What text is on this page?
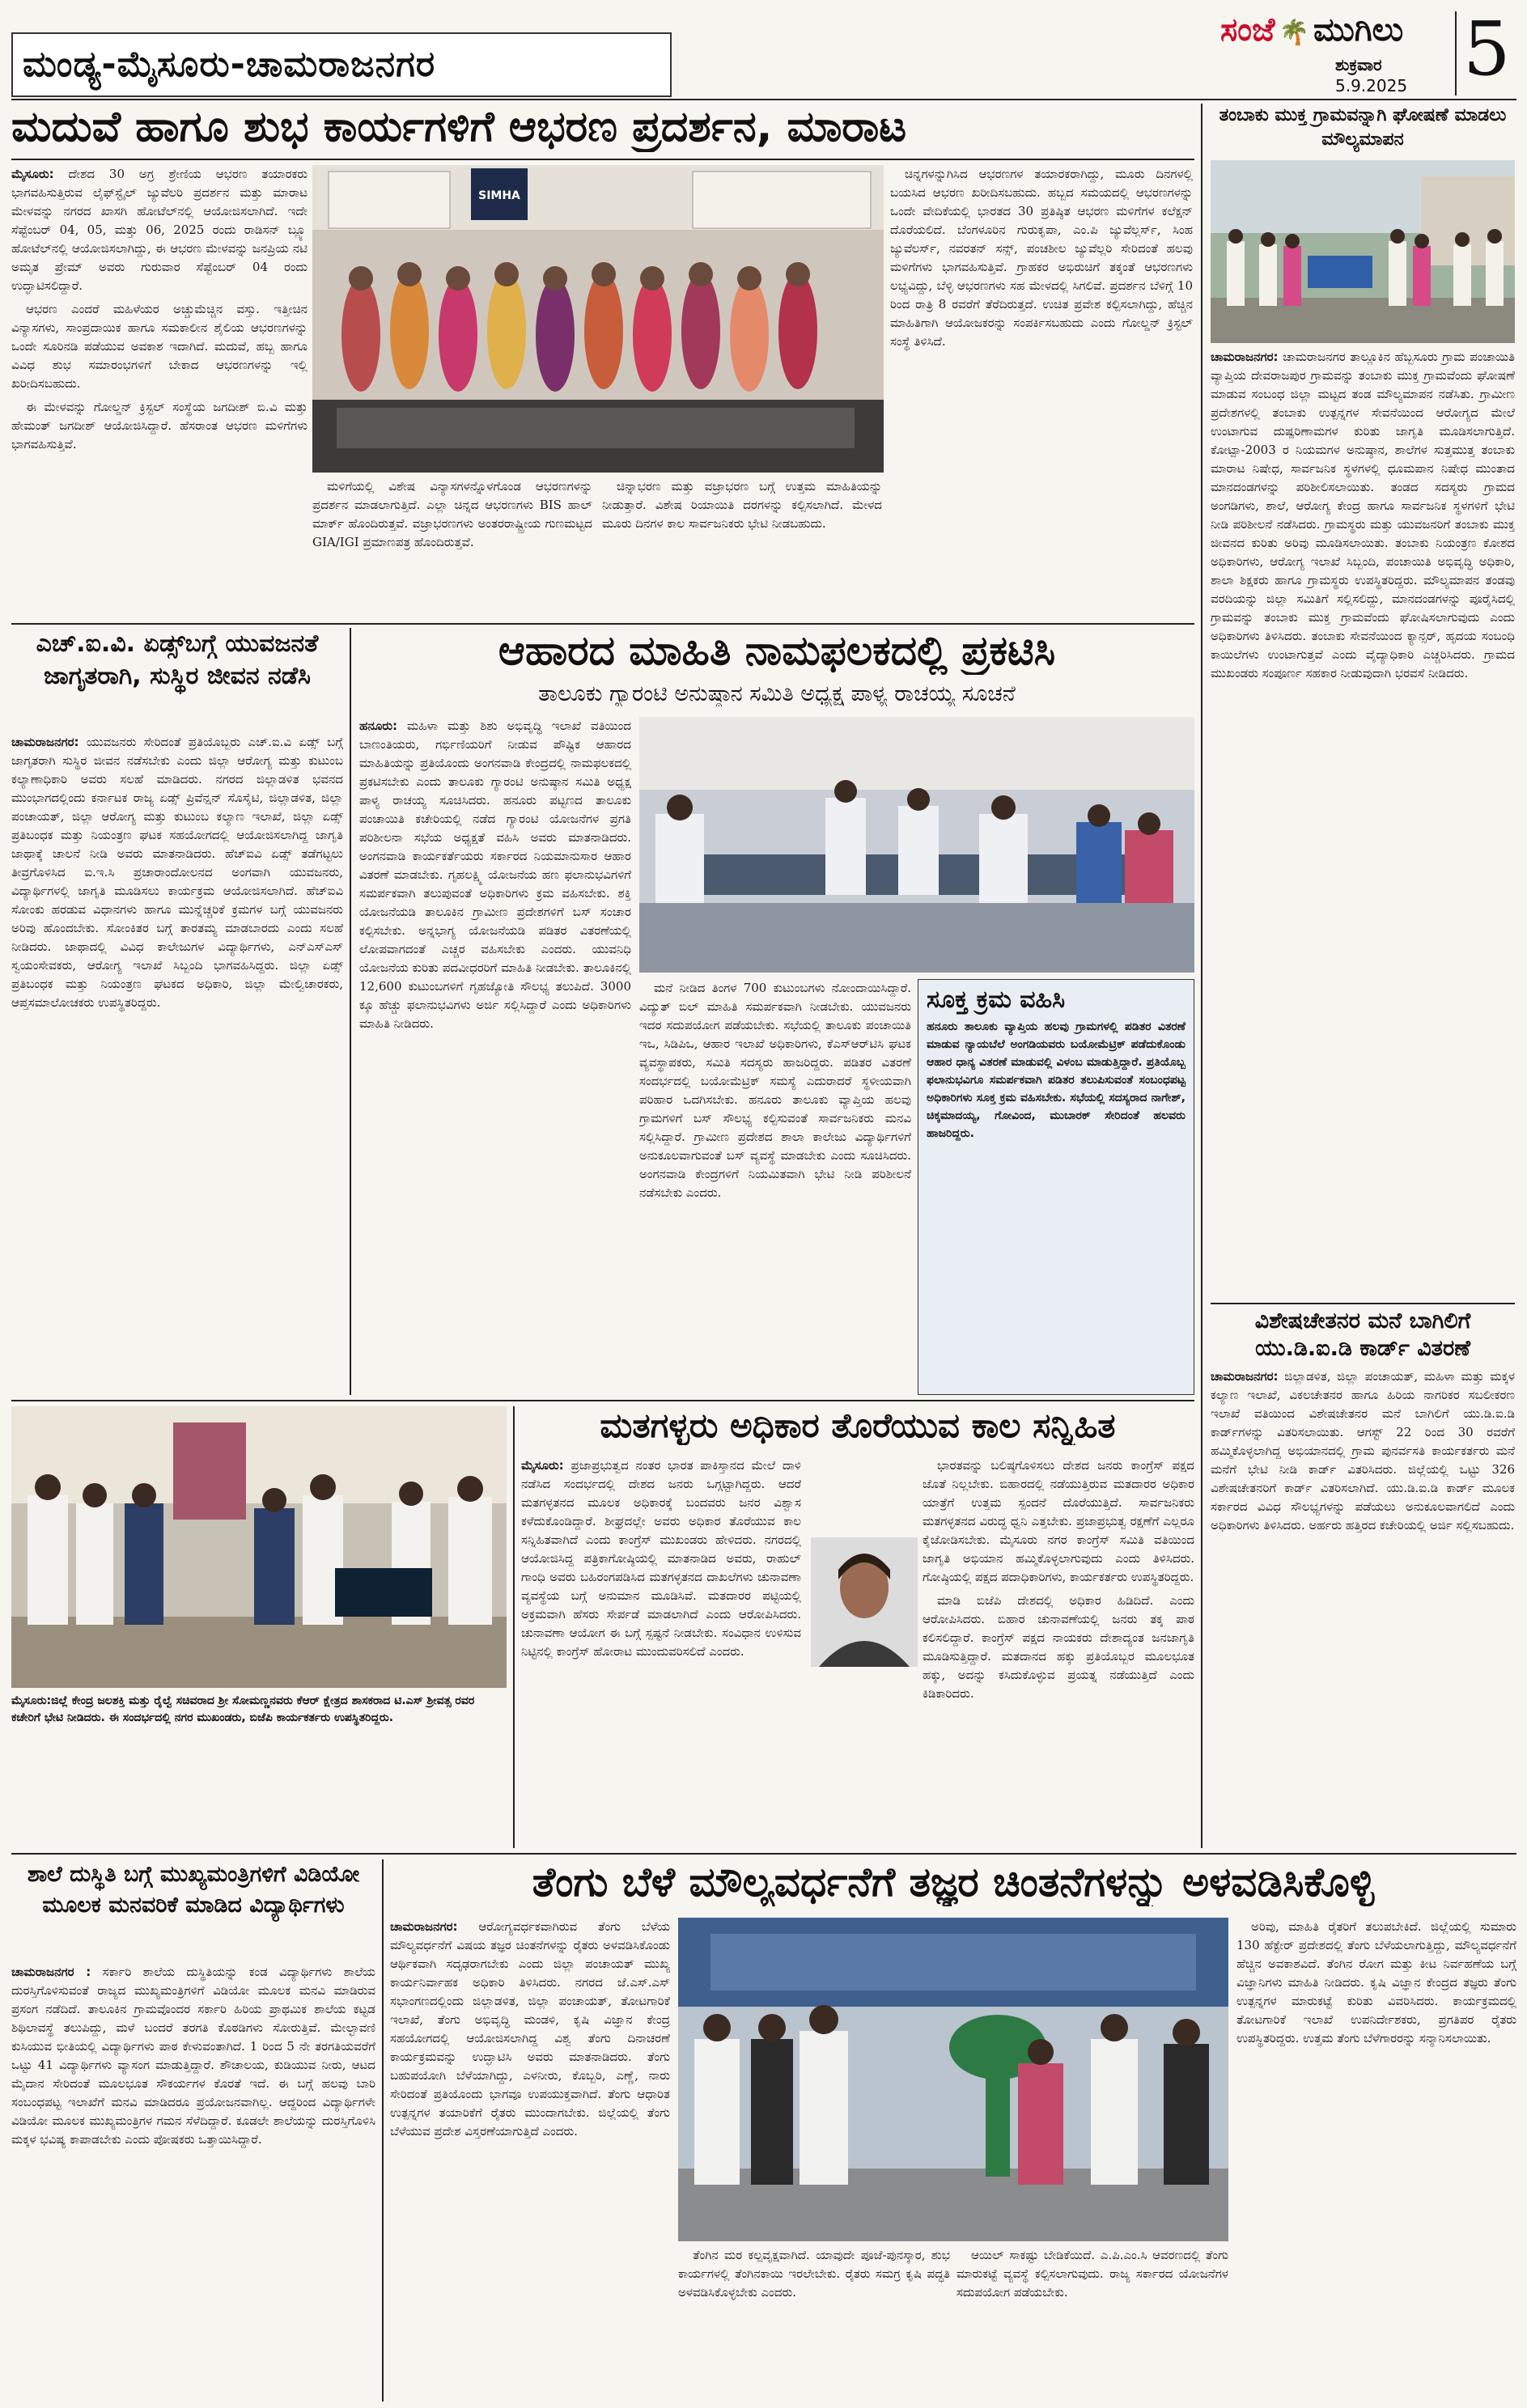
ಮಂಡ್ಯ-ಮೈಸೂರು-ಚಾಮರಾಜನಗರ
ಸಂಜೆ 🌴 ಮುಗಿಲು
ಶುಕ್ರವಾರ
5.9.2025 5
ಮದುವೆ ಹಾಗೂ ಶುಭ ಕಾರ್ಯಗಳಿಗೆ ಆಭರಣ ಪ್ರದರ್ಶನ, ಮಾರಾಟ

ಮೈಸೂರು: ದೇಶದ 30 ಅಗ್ರ ಶ್ರೇಣಿಯ ಆಭರಣ ತಯಾರಕರು ಭಾಗವಹಿಸುತ್ತಿರುವ ಲೈಫ್‌ಸ್ಟೈಲ್ ಜ್ಯುವೆಲರಿ ಪ್ರದರ್ಶನ ಮತ್ತು ಮಾರಾಟ ಮೇಳವನ್ನು ನಗರದ ಖಾಸಗಿ ಹೋಟೆಲ್‌ನಲ್ಲಿ ಆಯೋಜಿಸಲಾಗಿದೆ. ಇದೇ ಸೆಪ್ಟೆಂಬರ್ 04, 05, ಮತ್ತು 06, 2025 ರಂದು ರಾಡಿಸನ್ ಬ್ಲ್ಯೂ ಹೋಟೆಲ್‌ನಲ್ಲಿ ಆಯೋಜಿಸಲಾಗಿದ್ದು, ಈ ಆಭರಣ ಮೇಳವನ್ನು ಜನಪ್ರಿಯ ನಟಿ ಅಮೃತ ಪ್ರೇಮ್ ಅವರು ಗುರುವಾರ ಸೆಪ್ಟೆಂಬರ್ 04 ರಂದು ಉದ್ಘಾಟಿಸಲಿದ್ದಾರೆ.

ಆಭರಣ ಎಂದರೆ ಮಹಿಳೆಯರ ಅಚ್ಚುಮೆಚ್ಚಿನ ವಸ್ತು. ಇತ್ತೀಚಿನ ವಿನ್ಯಾಸಗಳು, ಸಾಂಪ್ರದಾಯಿಕ ಹಾಗೂ ಸಮಕಾಲೀನ ಶೈಲಿಯ ಆಭರಣಗಳನ್ನು ಒಂದೇ ಸೂರಿನಡಿ ಪಡೆಯುವ ಅವಕಾಶ ಇದಾಗಿದೆ. ಮದುವೆ, ಹಬ್ಬ ಹಾಗೂ ವಿವಿಧ ಶುಭ ಸಮಾರಂಭಗಳಿಗೆ ಬೇಕಾದ ಆಭರಣಗಳನ್ನು ಇಲ್ಲಿ ಖರೀದಿಸಬಹುದು.

ಈ ಮೇಳವನ್ನು ಗೋಲ್ಡನ್ ಕ್ರಿಸ್ಟಲ್ ಸಂಸ್ಥೆಯ ಜಗದೀಶ್ ಬಿ.ವಿ ಮತ್ತು ಹೇಮಂತ್ ಜಗದೀಶ್ ಆಯೋಜಿಸಿದ್ದಾರೆ. ಹೆಸರಾಂತ ಆಭರಣ ಮಳಿಗೆಗಳು ಭಾಗವಹಿಸುತ್ತಿವೆ.

SIMHA

ಮಳಿಗೆಯಲ್ಲಿ ವಿಶೇಷ ವಿನ್ಯಾಸಗಳನ್ನೊಳಗೊಂಡ ಆಭರಣಗಳನ್ನು ಪ್ರದರ್ಶನ ಮಾಡಲಾಗುತ್ತಿದೆ. ಎಲ್ಲಾ ಚಿನ್ನದ ಆಭರಣಗಳು BIS ಹಾಲ್ ಮಾರ್ಕ್ ಹೊಂದಿರುತ್ತವೆ. ವಜ್ರಾಭರಣಗಳು ಅಂತರರಾಷ್ಟ್ರೀಯ ಗುಣಮಟ್ಟದ GIA/IGI ಪ್ರಮಾಣಪತ್ರ ಹೊಂದಿರುತ್ತವೆ.

ಚಿನ್ನಾಭರಣ ಮತ್ತು ವಜ್ರಾಭರಣ ಬಗ್ಗೆ ಉತ್ತಮ ಮಾಹಿತಿಯನ್ನು ನೀಡುತ್ತಾರೆ. ವಿಶೇಷ ರಿಯಾಯಿತಿ ದರಗಳನ್ನು ಕಲ್ಪಿಸಲಾಗಿದೆ. ಮೇಳದ ಮೂರು ದಿನಗಳ ಕಾಲ ಸಾರ್ವಜನಿಕರು ಭೇಟಿ ನೀಡಬಹುದು.

ಚಿನ್ನಗಳನ್ನುಗಿಸಿದ ಆಭರಣಗಳ ತಯಾರಕರಾಗಿದ್ದು, ಮೂರು ದಿನಗಳಲ್ಲಿ ಬಯಸಿದ ಆಭರಣ ಖರೀದಿಸಬಹುದು. ಹಬ್ಬದ ಸಮಯದಲ್ಲಿ ಆಭರಣಗಳನ್ನು ಒಂದೇ ವೇದಿಕೆಯಲ್ಲಿ ಭಾರತದ 30 ಪ್ರತಿಷ್ಠಿತ ಆಭರಣ ಮಳಿಗೆಗಳ ಕಲೆಕ್ಷನ್ ದೊರೆಯಲಿದೆ. ಬೆಂಗಳೂರಿನ ಗುರುಕೃಪಾ, ಎಂ.ಪಿ ಜ್ಯುವೆಲ್ಲರ್ಸ್, ಸಿಂಹ ಜ್ಯುವೆಲರ್ಸ್, ನವರತನ್ ಸನ್ಸ್, ಪಂಚಶೀಲ ಜ್ಯುವೆಲ್ಲರಿ ಸೇರಿದಂತೆ ಹಲವು ಮಳಿಗೆಗಳು ಭಾಗವಹಿಸುತ್ತಿವೆ. ಗ್ರಾಹಕರ ಅಭಿರುಚಿಗೆ ತಕ್ಕಂತೆ ಆಭರಣಗಳು ಲಭ್ಯವಿದ್ದು, ಬೆಳ್ಳಿ ಆಭರಣಗಳು ಸಹ ಮೇಳದಲ್ಲಿ ಸಿಗಲಿವೆ. ಪ್ರದರ್ಶನ ಬೆಳಿಗ್ಗೆ 10 ರಿಂದ ರಾತ್ರಿ 8 ರವರೆಗೆ ತೆರೆದಿರುತ್ತದೆ. ಉಚಿತ ಪ್ರವೇಶ ಕಲ್ಪಿಸಲಾಗಿದ್ದು, ಹೆಚ್ಚಿನ ಮಾಹಿತಿಗಾಗಿ ಆಯೋಜಕರನ್ನು ಸಂಪರ್ಕಿಸಬಹುದು ಎಂದು ಗೋಲ್ಡನ್ ಕ್ರಿಸ್ಟಲ್ ಸಂಸ್ಥೆ ತಿಳಿಸಿದೆ.

ತಂಬಾಕು ಮುಕ್ತ ಗ್ರಾಮವನ್ನಾಗಿ ಘೋಷಣೆ ಮಾಡಲು ಮೌಲ್ಯಮಾಪನ

ಚಾಮರಾಜನಗರ: ಚಾಮರಾಜನಗರ ತಾಲ್ಲೂಕಿನ ಹೆಬ್ಬಸೂರು ಗ್ರಾಮ ಪಂಚಾಯಿತಿ ವ್ಯಾಪ್ತಿಯ ದೇವರಾಜಪುರ ಗ್ರಾಮವನ್ನು ತಂಬಾಕು ಮುಕ್ತ ಗ್ರಾಮವೆಂದು ಘೋಷಣೆ ಮಾಡುವ ಸಂಬಂಧ ಜಿಲ್ಲಾ ಮಟ್ಟದ ತಂಡ ಮೌಲ್ಯಮಾಪನ ನಡೆಸಿತು. ಗ್ರಾಮೀಣ ಪ್ರದೇಶಗಳಲ್ಲಿ ತಂಬಾಕು ಉತ್ಪನ್ನಗಳ ಸೇವನೆಯಿಂದ ಆರೋಗ್ಯದ ಮೇಲೆ ಉಂಟಾಗುವ ದುಷ್ಪರಿಣಾಮಗಳ ಕುರಿತು ಜಾಗೃತಿ ಮೂಡಿಸಲಾಗುತ್ತಿದೆ. ಕೋಟ್ಪಾ-2003 ರ ನಿಯಮಗಳ ಅನುಷ್ಠಾನ, ಶಾಲೆಗಳ ಸುತ್ತಮುತ್ತ ತಂಬಾಕು ಮಾರಾಟ ನಿಷೇಧ, ಸಾರ್ವಜನಿಕ ಸ್ಥಳಗಳಲ್ಲಿ ಧೂಮಪಾನ ನಿಷೇಧ ಮುಂತಾದ ಮಾನದಂಡಗಳನ್ನು ಪರಿಶೀಲಿಸಲಾಯಿತು. ತಂಡದ ಸದಸ್ಯರು ಗ್ರಾಮದ ಅಂಗಡಿಗಳು, ಶಾಲೆ, ಆರೋಗ್ಯ ಕೇಂದ್ರ ಹಾಗೂ ಸಾರ್ವಜನಿಕ ಸ್ಥಳಗಳಿಗೆ ಭೇಟಿ ನೀಡಿ ಪರಿಶೀಲನೆ ನಡೆಸಿದರು. ಗ್ರಾಮಸ್ಥರು ಮತ್ತು ಯುವಜನರಿಗೆ ತಂಬಾಕು ಮುಕ್ತ ಜೀವನದ ಕುರಿತು ಅರಿವು ಮೂಡಿಸಲಾಯಿತು. ತಂಬಾಕು ನಿಯಂತ್ರಣ ಕೋಶದ ಅಧಿಕಾರಿಗಳು, ಆರೋಗ್ಯ ಇಲಾಖೆ ಸಿಬ್ಬಂದಿ, ಪಂಚಾಯಿತಿ ಅಭಿವೃದ್ಧಿ ಅಧಿಕಾರಿ, ಶಾಲಾ ಶಿಕ್ಷಕರು ಹಾಗೂ ಗ್ರಾಮಸ್ಥರು ಉಪಸ್ಥಿತರಿದ್ದರು. ಮೌಲ್ಯಮಾಪನ ತಂಡವು ವರದಿಯನ್ನು ಜಿಲ್ಲಾ ಸಮಿತಿಗೆ ಸಲ್ಲಿಸಲಿದ್ದು, ಮಾನದಂಡಗಳನ್ನು ಪೂರೈಸಿದಲ್ಲಿ ಗ್ರಾಮವನ್ನು ತಂಬಾಕು ಮುಕ್ತ ಗ್ರಾಮವೆಂದು ಘೋಷಿಸಲಾಗುವುದು ಎಂದು ಅಧಿಕಾರಿಗಳು ತಿಳಿಸಿದರು. ತಂಬಾಕು ಸೇವನೆಯಿಂದ ಕ್ಯಾನ್ಸರ್, ಹೃದಯ ಸಂಬಂಧಿ ಕಾಯಿಲೆಗಳು ಉಂಟಾಗುತ್ತವೆ ಎಂದು ವೈದ್ಯಾಧಿಕಾರಿ ಎಚ್ಚರಿಸಿದರು. ಗ್ರಾಮದ ಮುಖಂಡರು ಸಂಪೂರ್ಣ ಸಹಕಾರ ನೀಡುವುದಾಗಿ ಭರವಸೆ ನೀಡಿದರು.

ವಿಶೇಷಚೇತನರ ಮನೆ ಬಾಗಿಲಿಗೆ ಯು.ಡಿ.ಐ.ಡಿ ಕಾರ್ಡ್ ವಿತರಣೆ

ಚಾಮರಾಜನಗರ: ಜಿಲ್ಲಾಡಳಿತ, ಜಿಲ್ಲಾ ಪಂಚಾಯತ್, ಮಹಿಳಾ ಮತ್ತು ಮಕ್ಕಳ ಕಲ್ಯಾಣ ಇಲಾಖೆ, ವಿಕಲಚೇತನರ ಹಾಗೂ ಹಿರಿಯ ನಾಗರಿಕರ ಸಬಲೀಕರಣ ಇಲಾಖೆ ವತಿಯಿಂದ ವಿಶೇಷಚೇತನರ ಮನೆ ಬಾಗಿಲಿಗೆ ಯು.ಡಿ.ಐ.ಡಿ ಕಾರ್ಡ್‌ಗಳನ್ನು ವಿತರಿಸಲಾಯಿತು. ಆಗಸ್ಟ್ 22 ರಿಂದ 30 ರವರೆಗೆ ಹಮ್ಮಿಕೊಳ್ಳಲಾಗಿದ್ದ ಅಭಿಯಾನದಲ್ಲಿ ಗ್ರಾಮ ಪುನರ್ವಸತಿ ಕಾರ್ಯಕರ್ತರು ಮನೆ ಮನೆಗೆ ಭೇಟಿ ನೀಡಿ ಕಾರ್ಡ್ ವಿತರಿಸಿದರು. ಜಿಲ್ಲೆಯಲ್ಲಿ ಒಟ್ಟು 326 ವಿಶೇಷಚೇತನರಿಗೆ ಕಾರ್ಡ್ ವಿತರಿಸಲಾಗಿದೆ. ಯು.ಡಿ.ಐ.ಡಿ ಕಾರ್ಡ್ ಮೂಲಕ ಸರ್ಕಾರದ ವಿವಿಧ ಸೌಲಭ್ಯಗಳನ್ನು ಪಡೆಯಲು ಅನುಕೂಲವಾಗಲಿದೆ ಎಂದು ಅಧಿಕಾರಿಗಳು ತಿಳಿಸಿದರು. ಅರ್ಹರು ಹತ್ತಿರದ ಕಚೇರಿಯಲ್ಲಿ ಅರ್ಜಿ ಸಲ್ಲಿಸಬಹುದು.

ಎಚ್.ಐ.ವಿ. ಏಡ್ಸ್‌ಬಗ್ಗೆ ಯುವಜನತೆ ಜಾಗೃತರಾಗಿ, ಸುಸ್ಥಿರ ಜೀವನ ನಡೆಸಿ

ಚಾಮರಾಜನಗರ: ಯುವಜನರು ಸೇರಿದಂತೆ ಪ್ರತಿಯೊಬ್ಬರು ಎಚ್.ಐ.ವಿ ಏಡ್ಸ್ ಬಗ್ಗೆ ಜಾಗೃತರಾಗಿ ಸುಸ್ಥಿರ ಜೀವನ ನಡೆಸಬೇಕು ಎಂದು ಜಿಲ್ಲಾ ಆರೋಗ್ಯ ಮತ್ತು ಕುಟುಂಬ ಕಲ್ಯಾಣಾಧಿಕಾರಿ ಅವರು ಸಲಹೆ ಮಾಡಿದರು. ನಗರದ ಜಿಲ್ಲಾಡಳಿತ ಭವನದ ಮುಂಭಾಗದಲ್ಲಿಂದು ಕರ್ನಾಟಕ ರಾಜ್ಯ ಏಡ್ಸ್ ಪ್ರಿವೆನ್ಷನ್ ಸೊಸೈಟಿ, ಜಿಲ್ಲಾಡಳಿತ, ಜಿಲ್ಲಾ ಪಂಚಾಯತ್, ಜಿಲ್ಲಾ ಆರೋಗ್ಯ ಮತ್ತು ಕುಟುಂಬ ಕಲ್ಯಾಣ ಇಲಾಖೆ, ಜಿಲ್ಲಾ ಏಡ್ಸ್ ಪ್ರತಿಬಂಧಕ ಮತ್ತು ನಿಯಂತ್ರಣ ಘಟಕ ಸಹಯೋಗದಲ್ಲಿ ಆಯೋಜಿಸಲಾಗಿದ್ದ ಜಾಗೃತಿ ಜಾಥಾಕ್ಕೆ ಚಾಲನೆ ನೀಡಿ ಅವರು ಮಾತನಾಡಿದರು. ಹೆಚ್‌ಐವಿ ಏಡ್ಸ್ ತಡೆಗಟ್ಟಲು ತೀವ್ರಗೊಳಿಸಿದ ಐ.ಇ.ಸಿ ಪ್ರಚಾರಾಂದೋಲನದ ಅಂಗವಾಗಿ ಯುವಜನರು, ವಿದ್ಯಾರ್ಥಿಗಳಲ್ಲಿ ಜಾಗೃತಿ ಮೂಡಿಸಲು ಕಾರ್ಯಕ್ರಮ ಆಯೋಜಿಸಲಾಗಿದೆ. ಹೆಚ್‌ಐವಿ ಸೋಂಕು ಹರಡುವ ವಿಧಾನಗಳು ಹಾಗೂ ಮುನ್ನೆಚ್ಚರಿಕೆ ಕ್ರಮಗಳ ಬಗ್ಗೆ ಯುವಜನರು ಅರಿವು ಹೊಂದಬೇಕು. ಸೋಂಕಿತರ ಬಗ್ಗೆ ತಾರತಮ್ಯ ಮಾಡಬಾರದು ಎಂದು ಸಲಹೆ ನೀಡಿದರು. ಜಾಥಾದಲ್ಲಿ ವಿವಿಧ ಕಾಲೇಜುಗಳ ವಿದ್ಯಾರ್ಥಿಗಳು, ಎನ್‌ಎಸ್‌ಎಸ್ ಸ್ವಯಂಸೇವಕರು, ಆರೋಗ್ಯ ಇಲಾಖೆ ಸಿಬ್ಬಂದಿ ಭಾಗವಹಿಸಿದ್ದರು. ಜಿಲ್ಲಾ ಏಡ್ಸ್ ಪ್ರತಿಬಂಧಕ ಮತ್ತು ನಿಯಂತ್ರಣ ಘಟಕದ ಅಧಿಕಾರಿ, ಜಿಲ್ಲಾ ಮೇಲ್ವಿಚಾರಕರು, ಆಪ್ತಸಮಾಲೋಚಕರು ಉಪಸ್ಥಿತರಿದ್ದರು.

ಆಹಾರದ ಮಾಹಿತಿ ನಾಮಫಲಕದಲ್ಲಿ ಪ್ರಕಟಿಸಿ
ತಾಲೂಕು ಗ್ಯಾರಂಟಿ ಅನುಷ್ಠಾನ ಸಮಿತಿ ಅಧ್ಯಕ್ಷ ಪಾಳ್ಯ ರಾಚಯ್ಯ ಸೂಚನೆ

ಹನೂರು: ಮಹಿಳಾ ಮತ್ತು ಶಿಶು ಅಭಿವೃದ್ಧಿ ಇಲಾಖೆ ವತಿಯಿಂದ ಬಾಣಂತಿಯರು, ಗರ್ಭಿಣಿಯರಿಗೆ ನೀಡುವ ಪೌಷ್ಟಿಕ ಆಹಾರದ ಮಾಹಿತಿಯನ್ನು ಪ್ರತಿಯೊಂದು ಅಂಗನವಾಡಿ ಕೇಂದ್ರದಲ್ಲಿ ನಾಮಫಲಕದಲ್ಲಿ ಪ್ರಕಟಿಸಬೇಕು ಎಂದು ತಾಲೂಕು ಗ್ಯಾರಂಟಿ ಅನುಷ್ಠಾನ ಸಮಿತಿ ಅಧ್ಯಕ್ಷ ಪಾಳ್ಯ ರಾಚಯ್ಯ ಸೂಚಿಸಿದರು. ಹನೂರು ಪಟ್ಟಣದ ತಾಲೂಕು ಪಂಚಾಯಿತಿ ಕಚೇರಿಯಲ್ಲಿ ನಡೆದ ಗ್ಯಾರಂಟಿ ಯೋಜನೆಗಳ ಪ್ರಗತಿ ಪರಿಶೀಲನಾ ಸಭೆಯ ಅಧ್ಯಕ್ಷತೆ ವಹಿಸಿ ಅವರು ಮಾತನಾಡಿದರು. ಅಂಗನವಾಡಿ ಕಾರ್ಯಕರ್ತೆಯರು ಸರ್ಕಾರದ ನಿಯಮಾನುಸಾರ ಆಹಾರ ವಿತರಣೆ ಮಾಡಬೇಕು. ಗೃಹಲಕ್ಷ್ಮಿ ಯೋಜನೆಯ ಹಣ ಫಲಾನುಭವಿಗಳಿಗೆ ಸಮರ್ಪಕವಾಗಿ ತಲುಪುವಂತೆ ಅಧಿಕಾರಿಗಳು ಕ್ರಮ ವಹಿಸಬೇಕು. ಶಕ್ತಿ ಯೋಜನೆಯಡಿ ತಾಲೂಕಿನ ಗ್ರಾಮೀಣ ಪ್ರದೇಶಗಳಿಗೆ ಬಸ್ ಸಂಚಾರ ಕಲ್ಪಿಸಬೇಕು. ಅನ್ನಭಾಗ್ಯ ಯೋಜನೆಯಡಿ ಪಡಿತರ ವಿತರಣೆಯಲ್ಲಿ ಲೋಪವಾಗದಂತೆ ಎಚ್ಚರ ವಹಿಸಬೇಕು ಎಂದರು. ಯುವನಿಧಿ ಯೋಜನೆಯ ಕುರಿತು ಪದವೀಧರರಿಗೆ ಮಾಹಿತಿ ನೀಡಬೇಕು. ತಾಲೂಕಿನಲ್ಲಿ 12,600 ಕುಟುಂಬಗಳಿಗೆ ಗೃಹಜ್ಯೋತಿ ಸೌಲಭ್ಯ ತಲುಪಿದೆ. 3000 ಕ್ಕೂ ಹೆಚ್ಚು ಫಲಾನುಭವಿಗಳು ಅರ್ಜಿ ಸಲ್ಲಿಸಿದ್ದಾರೆ ಎಂದು ಅಧಿಕಾರಿಗಳು ಮಾಹಿತಿ ನೀಡಿದರು.

ಮನೆ ನೀಡಿದ ತಿಂಗಳ 700 ಕುಟುಂಬಗಳು ನೋಂದಾಯಿಸಿದ್ದಾರೆ. ವಿದ್ಯುತ್ ಬಿಲ್ ಮಾಹಿತಿ ಸಮರ್ಪಕವಾಗಿ ನೀಡಬೇಕು. ಯುವಜನರು ಇದರ ಸದುಪಯೋಗ ಪಡೆಯಬೇಕು. ಸಭೆಯಲ್ಲಿ ತಾಲೂಕು ಪಂಚಾಯಿತಿ ಇಒ, ಸಿಡಿಪಿಒ, ಆಹಾರ ಇಲಾಖೆ ಅಧಿಕಾರಿಗಳು, ಕೆಎಸ್‌ಆರ್‌ಟಿಸಿ ಘಟಕ ವ್ಯವಸ್ಥಾಪಕರು, ಸಮಿತಿ ಸದಸ್ಯರು ಹಾಜರಿದ್ದರು. ಪಡಿತರ ವಿತರಣೆ ಸಂದರ್ಭದಲ್ಲಿ ಬಯೋಮೆಟ್ರಿಕ್ ಸಮಸ್ಯೆ ಎದುರಾದರೆ ಸ್ಥಳೀಯವಾಗಿ ಪರಿಹಾರ ಒದಗಿಸಬೇಕು. ಹನೂರು ತಾಲೂಕು ವ್ಯಾಪ್ತಿಯ ಹಲವು ಗ್ರಾಮಗಳಿಗೆ ಬಸ್ ಸೌಲಭ್ಯ ಕಲ್ಪಿಸುವಂತೆ ಸಾರ್ವಜನಿಕರು ಮನವಿ ಸಲ್ಲಿಸಿದ್ದಾರೆ. ಗ್ರಾಮೀಣ ಪ್ರದೇಶದ ಶಾಲಾ ಕಾಲೇಜು ವಿದ್ಯಾರ್ಥಿಗಳಿಗೆ ಅನುಕೂಲವಾಗುವಂತೆ ಬಸ್ ವ್ಯವಸ್ಥೆ ಮಾಡಬೇಕು ಎಂದು ಸೂಚಿಸಿದರು. ಅಂಗನವಾಡಿ ಕೇಂದ್ರಗಳಿಗೆ ನಿಯಮಿತವಾಗಿ ಭೇಟಿ ನೀಡಿ ಪರಿಶೀಲನೆ ನಡೆಸಬೇಕು ಎಂದರು.

ಸೂಕ್ತ ಕ್ರಮ ವಹಿಸಿ
ಹನೂರು ತಾಲೂಕು ವ್ಯಾಪ್ತಿಯ ಹಲವು ಗ್ರಾಮಗಳಲ್ಲಿ ಪಡಿತರ ವಿತರಣೆ ಮಾಡುವ ನ್ಯಾಯಬೆಲೆ ಅಂಗಡಿಯವರು ಬಯೋಮೆಟ್ರಿಕ್ ಪಡೆದುಕೊಂಡು ಆಹಾರ ಧಾನ್ಯ ವಿತರಣೆ ಮಾಡುವಲ್ಲಿ ವಿಳಂಬ ಮಾಡುತ್ತಿದ್ದಾರೆ. ಪ್ರತಿಯೊಬ್ಬ ಫಲಾನುಭವಿಗೂ ಸಮರ್ಪಕವಾಗಿ ಪಡಿತರ ತಲುಪಿಸುವಂತೆ ಸಂಬಂಧಪಟ್ಟ ಅಧಿಕಾರಿಗಳು ಸೂಕ್ತ ಕ್ರಮ ವಹಿಸಬೇಕು. ಸಭೆಯಲ್ಲಿ ಸದಸ್ಯರಾದ ನಾಗೇಶ್, ಚಿಕ್ಕಮಾದಯ್ಯ, ಗೋವಿಂದ, ಮುಬಾರಕ್ ಸೇರಿದಂತೆ ಹಲವರು ಹಾಜರಿದ್ದರು.
ಮೈಸೂರು:ಜಿಲ್ಲೆ ಕೇಂದ್ರ ಜಲಶಕ್ತಿ ಮತ್ತು ರೈಲ್ವೆ ಸಚಿವರಾದ ಶ್ರೀ ಸೋಮಣ್ಣನವರು ಕೆಆರ್ ಕ್ಷೇತ್ರದ ಶಾಸಕರಾದ ಟಿ.ಎಸ್ ಶ್ರೀವತ್ಸ ರವರ ಕಚೇರಿಗೆ ಭೇಟಿ ನೀಡಿದರು. ಈ ಸಂದರ್ಭದಲ್ಲಿ ನಗರ ಮುಖಂಡರು, ಬಿಜೆಪಿ ಕಾರ್ಯಕರ್ತರು ಉಪಸ್ಥಿತರಿದ್ದರು.
ಮತಗಳ್ಳರು ಅಧಿಕಾರ ತೊರೆಯುವ ಕಾಲ ಸನ್ನಿಹಿತ

ಮೈಸೂರು: ಪ್ರಜಾಪ್ರಭುತ್ವದ ನಂತರ ಭಾರತ ಪಾಕಿಸ್ತಾನದ ಮೇಲೆ ದಾಳಿ ನಡೆಸಿದ ಸಂದರ್ಭದಲ್ಲಿ ದೇಶದ ಜನರು ಒಗ್ಗಟ್ಟಾಗಿದ್ದರು. ಆದರೆ ಮತಗಳ್ಳತನದ ಮೂಲಕ ಅಧಿಕಾರಕ್ಕೆ ಬಂದವರು ಜನರ ವಿಶ್ವಾಸ ಕಳೆದುಕೊಂಡಿದ್ದಾರೆ. ಶೀಘ್ರದಲ್ಲೇ ಅವರು ಅಧಿಕಾರ ತೊರೆಯುವ ಕಾಲ ಸನ್ನಿಹಿತವಾಗಿದೆ ಎಂದು ಕಾಂಗ್ರೆಸ್ ಮುಖಂಡರು ಹೇಳಿದರು. ನಗರದಲ್ಲಿ ಆಯೋಜಿಸಿದ್ದ ಪತ್ರಿಕಾಗೋಷ್ಠಿಯಲ್ಲಿ ಮಾತನಾಡಿದ ಅವರು, ರಾಹುಲ್ ಗಾಂಧಿ ಅವರು ಬಹಿರಂಗಪಡಿಸಿದ ಮತಗಳ್ಳತನದ ದಾಖಲೆಗಳು ಚುನಾವಣಾ ವ್ಯವಸ್ಥೆಯ ಬಗ್ಗೆ ಅನುಮಾನ ಮೂಡಿಸಿವೆ. ಮತದಾರರ ಪಟ್ಟಿಯಲ್ಲಿ ಅಕ್ರಮವಾಗಿ ಹೆಸರು ಸೇರ್ಪಡೆ ಮಾಡಲಾಗಿದೆ ಎಂದು ಆರೋಪಿಸಿದರು. ಚುನಾವಣಾ ಆಯೋಗ ಈ ಬಗ್ಗೆ ಸ್ಪಷ್ಟನೆ ನೀಡಬೇಕು. ಸಂವಿಧಾನ ಉಳಿಸುವ ನಿಟ್ಟಿನಲ್ಲಿ ಕಾಂಗ್ರೆಸ್ ಹೋರಾಟ ಮುಂದುವರಿಸಲಿದೆ ಎಂದರು.

ಭಾರತವನ್ನು ಬಲಿಷ್ಠಗೊಳಿಸಲು ದೇಶದ ಜನರು ಕಾಂಗ್ರೆಸ್ ಪಕ್ಷದ ಜೊತೆ ನಿಲ್ಲಬೇಕು. ಬಿಹಾರದಲ್ಲಿ ನಡೆಯುತ್ತಿರುವ ಮತದಾರರ ಅಧಿಕಾರ ಯಾತ್ರೆಗೆ ಉತ್ತಮ ಸ್ಪಂದನೆ ದೊರೆಯುತ್ತಿದೆ. ಸಾರ್ವಜನಿಕರು ಮತಗಳ್ಳತನದ ವಿರುದ್ಧ ಧ್ವನಿ ಎತ್ತಬೇಕು. ಪ್ರಜಾಪ್ರಭುತ್ವ ರಕ್ಷಣೆಗೆ ಎಲ್ಲರೂ ಕೈಜೋಡಿಸಬೇಕು. ಮೈಸೂರು ನಗರ ಕಾಂಗ್ರೆಸ್ ಸಮಿತಿ ವತಿಯಿಂದ ಜಾಗೃತಿ ಅಭಿಯಾನ ಹಮ್ಮಿಕೊಳ್ಳಲಾಗುವುದು ಎಂದು ತಿಳಿಸಿದರು. ಗೋಷ್ಠಿಯಲ್ಲಿ ಪಕ್ಷದ ಪದಾಧಿಕಾರಿಗಳು, ಕಾರ್ಯಕರ್ತರು ಉಪಸ್ಥಿತರಿದ್ದರು.

ಮಾಡಿ ಬಿಜೆಪಿ ದೇಶದಲ್ಲಿ ಅಧಿಕಾರ ಹಿಡಿದಿದೆ. ಎಂದು ಆರೋಪಿಸಿದರು. ಬಿಹಾರ ಚುನಾವಣೆಯಲ್ಲಿ ಜನರು ತಕ್ಕ ಪಾಠ ಕಲಿಸಲಿದ್ದಾರೆ. ಕಾಂಗ್ರೆಸ್ ಪಕ್ಷದ ನಾಯಕರು ದೇಶಾದ್ಯಂತ ಜನಜಾಗೃತಿ ಮೂಡಿಸುತ್ತಿದ್ದಾರೆ. ಮತದಾನದ ಹಕ್ಕು ಪ್ರತಿಯೊಬ್ಬರ ಮೂಲಭೂತ ಹಕ್ಕು, ಅದನ್ನು ಕಸಿದುಕೊಳ್ಳುವ ಪ್ರಯತ್ನ ನಡೆಯುತ್ತಿದೆ ಎಂದು ಕಿಡಿಕಾರಿದರು.

ಶಾಲೆ ದುಸ್ಥಿತಿ ಬಗ್ಗೆ ಮುಖ್ಯಮಂತ್ರಿಗಳಿಗೆ ವಿಡಿಯೋ ಮೂಲಕ ಮನವರಿಕೆ ಮಾಡಿದ ವಿದ್ಯಾರ್ಥಿಗಳು

ಚಾಮರಾಜನಗರ : ಸರ್ಕಾರಿ ಶಾಲೆಯ ದುಸ್ಥಿತಿಯನ್ನು ಕಂಡ ವಿದ್ಯಾರ್ಥಿಗಳು ಶಾಲೆಯ ದುರಸ್ತಿಗೊಳಿಸುವಂತೆ ರಾಜ್ಯದ ಮುಖ್ಯಮಂತ್ರಿಗಳಿಗೆ ವಿಡಿಯೋ ಮೂಲಕ ಮನವಿ ಮಾಡಿರುವ ಪ್ರಸಂಗ ನಡೆದಿದೆ. ತಾಲೂಕಿನ ಗ್ರಾಮವೊಂದರ ಸರ್ಕಾರಿ ಹಿರಿಯ ಪ್ರಾಥಮಿಕ ಶಾಲೆಯ ಕಟ್ಟಡ ಶಿಥಿಲಾವಸ್ಥೆ ತಲುಪಿದ್ದು, ಮಳೆ ಬಂದರೆ ತರಗತಿ ಕೊಠಡಿಗಳು ಸೋರುತ್ತಿವೆ. ಮೇಲ್ಛಾವಣಿ ಕುಸಿಯುವ ಭೀತಿಯಲ್ಲಿ ವಿದ್ಯಾರ್ಥಿಗಳು ಪಾಠ ಕೇಳುವಂತಾಗಿದೆ. 1 ರಿಂದ 5 ನೇ ತರಗತಿಯವರೆಗೆ ಒಟ್ಟು 41 ವಿದ್ಯಾರ್ಥಿಗಳು ವ್ಯಾಸಂಗ ಮಾಡುತ್ತಿದ್ದಾರೆ. ಶೌಚಾಲಯ, ಕುಡಿಯುವ ನೀರು, ಆಟದ ಮೈದಾನ ಸೇರಿದಂತೆ ಮೂಲಭೂತ ಸೌಕರ್ಯಗಳ ಕೊರತೆ ಇದೆ. ಈ ಬಗ್ಗೆ ಹಲವು ಬಾರಿ ಸಂಬಂಧಪಟ್ಟ ಇಲಾಖೆಗೆ ಮನವಿ ಮಾಡಿದರೂ ಪ್ರಯೋಜನವಾಗಿಲ್ಲ. ಆದ್ದರಿಂದ ವಿದ್ಯಾರ್ಥಿಗಳೇ ವಿಡಿಯೋ ಮೂಲಕ ಮುಖ್ಯಮಂತ್ರಿಗಳ ಗಮನ ಸೆಳೆದಿದ್ದಾರೆ. ಕೂಡಲೇ ಶಾಲೆಯನ್ನು ದುರಸ್ತಿಗೊಳಿಸಿ ಮಕ್ಕಳ ಭವಿಷ್ಯ ಕಾಪಾಡಬೇಕು ಎಂದು ಪೋಷಕರು ಒತ್ತಾಯಿಸಿದ್ದಾರೆ.

ತೆಂಗು ಬೆಳೆ ಮೌಲ್ಯವರ್ಧನೆಗೆ ತಜ್ಞರ ಚಿಂತನೆಗಳನ್ನು ಅಳವಡಿಸಿಕೊಳ್ಳಿ

ಚಾಮರಾಜನಗರ: ಆರೋಗ್ಯವರ್ಧಕವಾಗಿರುವ ತೆಂಗು ಬೆಳೆಯ ಮೌಲ್ಯವರ್ಧನೆಗೆ ವಿಷಯ ತಜ್ಞರ ಚಿಂತನೆಗಳನ್ನು ರೈತರು ಅಳವಡಿಸಿಕೊಂಡು ಆರ್ಥಿಕವಾಗಿ ಸದೃಢರಾಗಬೇಕು ಎಂದು ಜಿಲ್ಲಾ ಪಂಚಾಯತ್ ಮುಖ್ಯ ಕಾರ್ಯನಿರ್ವಾಹಕ ಅಧಿಕಾರಿ ತಿಳಿಸಿದರು. ನಗರದ ಜೆ.ಎಸ್.ಎಸ್ ಸಭಾಂಗಣದಲ್ಲಿಂದು ಜಿಲ್ಲಾಡಳಿತ, ಜಿಲ್ಲಾ ಪಂಚಾಯತ್, ತೋಟಗಾರಿಕೆ ಇಲಾಖೆ, ತೆಂಗು ಅಭಿವೃದ್ಧಿ ಮಂಡಳಿ, ಕೃಷಿ ವಿಜ್ಞಾನ ಕೇಂದ್ರ ಸಹಯೋಗದಲ್ಲಿ ಆಯೋಜಿಸಲಾಗಿದ್ದ ವಿಶ್ವ ತೆಂಗು ದಿನಾಚರಣೆ ಕಾರ್ಯಕ್ರಮವನ್ನು ಉದ್ಘಾಟಿಸಿ ಅವರು ಮಾತನಾಡಿದರು. ತೆಂಗು ಬಹುಪಯೋಗಿ ಬೆಳೆಯಾಗಿದ್ದು, ಎಳನೀರು, ಕೊಬ್ಬರಿ, ಎಣ್ಣೆ, ನಾರು ಸೇರಿದಂತೆ ಪ್ರತಿಯೊಂದು ಭಾಗವೂ ಉಪಯುಕ್ತವಾಗಿದೆ. ತೆಂಗು ಆಧಾರಿತ ಉತ್ಪನ್ನಗಳ ತಯಾರಿಕೆಗೆ ರೈತರು ಮುಂದಾಗಬೇಕು. ಜಿಲ್ಲೆಯಲ್ಲಿ ತೆಂಗು ಬೆಳೆಯುವ ಪ್ರದೇಶ ವಿಸ್ತರಣೆಯಾಗುತ್ತಿದೆ ಎಂದರು.

ತೆಂಗಿನ ಮರ ಕಲ್ಪವೃಕ್ಷವಾಗಿದೆ. ಯಾವುದೇ ಪೂಜೆ-ಪುನಸ್ಕಾರ, ಶುಭ ಕಾರ್ಯಗಳಲ್ಲಿ ತೆಂಗಿನಕಾಯಿ ಇರಲೇಬೇಕು. ರೈತರು ಸಮಗ್ರ ಕೃಷಿ ಪದ್ಧತಿ ಅಳವಡಿಸಿಕೊಳ್ಳಬೇಕು ಎಂದರು.

ಆಯಿಲ್ ಸಾಕಷ್ಟು ಬೇಡಿಕೆಯಿದೆ. ಎ.ಪಿ.ಎಂ.ಸಿ ಆವರಣದಲ್ಲಿ ತೆಂಗು ಮಾರುಕಟ್ಟೆ ವ್ಯವಸ್ಥೆ ಕಲ್ಪಿಸಲಾಗುವುದು. ರಾಜ್ಯ ಸರ್ಕಾರದ ಯೋಜನೆಗಳ ಸದುಪಯೋಗ ಪಡೆಯಬೇಕು.

ಅರಿವು, ಮಾಹಿತಿ ರೈತರಿಗೆ ತಲುಪಬೇಕಿದೆ. ಜಿಲ್ಲೆಯಲ್ಲಿ ಸುಮಾರು 130 ಹೆಕ್ಟೇರ್ ಪ್ರದೇಶದಲ್ಲಿ ತೆಂಗು ಬೆಳೆಯಲಾಗುತ್ತಿದ್ದು, ಮೌಲ್ಯವರ್ಧನೆಗೆ ಹೆಚ್ಚಿನ ಅವಕಾಶವಿದೆ. ತೆಂಗಿನ ರೋಗ ಮತ್ತು ಕೀಟ ನಿರ್ವಹಣೆಯ ಬಗ್ಗೆ ವಿಜ್ಞಾನಿಗಳು ಮಾಹಿತಿ ನೀಡಿದರು. ಕೃಷಿ ವಿಜ್ಞಾನ ಕೇಂದ್ರದ ತಜ್ಞರು ತೆಂಗು ಉತ್ಪನ್ನಗಳ ಮಾರುಕಟ್ಟೆ ಕುರಿತು ವಿವರಿಸಿದರು. ಕಾರ್ಯಕ್ರಮದಲ್ಲಿ ತೋಟಗಾರಿಕೆ ಇಲಾಖೆ ಉಪನಿರ್ದೇಶಕರು, ಪ್ರಗತಿಪರ ರೈತರು ಉಪಸ್ಥಿತರಿದ್ದರು. ಉತ್ತಮ ತೆಂಗು ಬೆಳೆಗಾರರನ್ನು ಸನ್ಮಾನಿಸಲಾಯಿತು.
